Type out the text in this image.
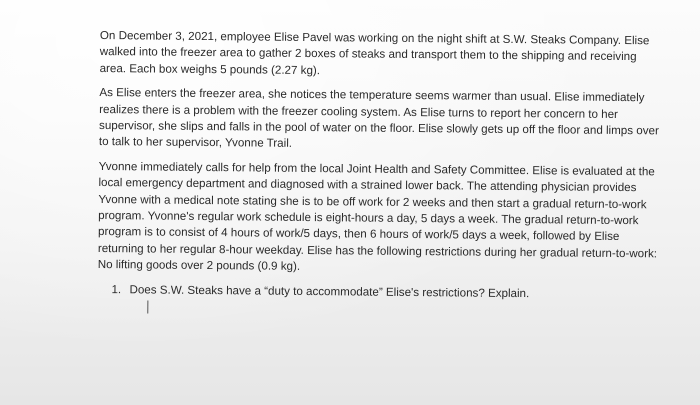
On December 3, 2021, employee Elise Pavel was working on the night shift at S.W. Steaks Company. Elise walked into the freezer area to gather 2 boxes of steaks and transport them to the shipping and receiving area. Each box weighs 5 pounds (2.27 kg).

As Elise enters the freezer area, she notices the temperature seems warmer than usual. Elise immediately realizes there is a problem with the freezer cooling system. As Elise turns to report her concern to her supervisor, she slips and falls in the pool of water on the floor. Elise slowly gets up off the floor and limps over to talk to her supervisor, Yvonne Trail.

Yvonne immediately calls for help from the local Joint Health and Safety Committee. Elise is evaluated at the local emergency department and diagnosed with a strained lower back. The attending physician provides Yvonne with a medical note stating she is to be off work for 2 weeks and then start a gradual return-to-work program. Yvonne's regular work schedule is eight-hours a day, 5 days a week. The gradual return-to-work program is to consist of 4 hours of work/5 days, then 6 hours of work/5 days a week, followed by Elise returning to her regular 8-hour weekday. Elise has the following restrictions during her gradual return-to-work: No lifting goods over 2 pounds (0.9 kg).

1. Does S.W. Steaks have a “duty to accommodate” Elise's restrictions? Explain.
